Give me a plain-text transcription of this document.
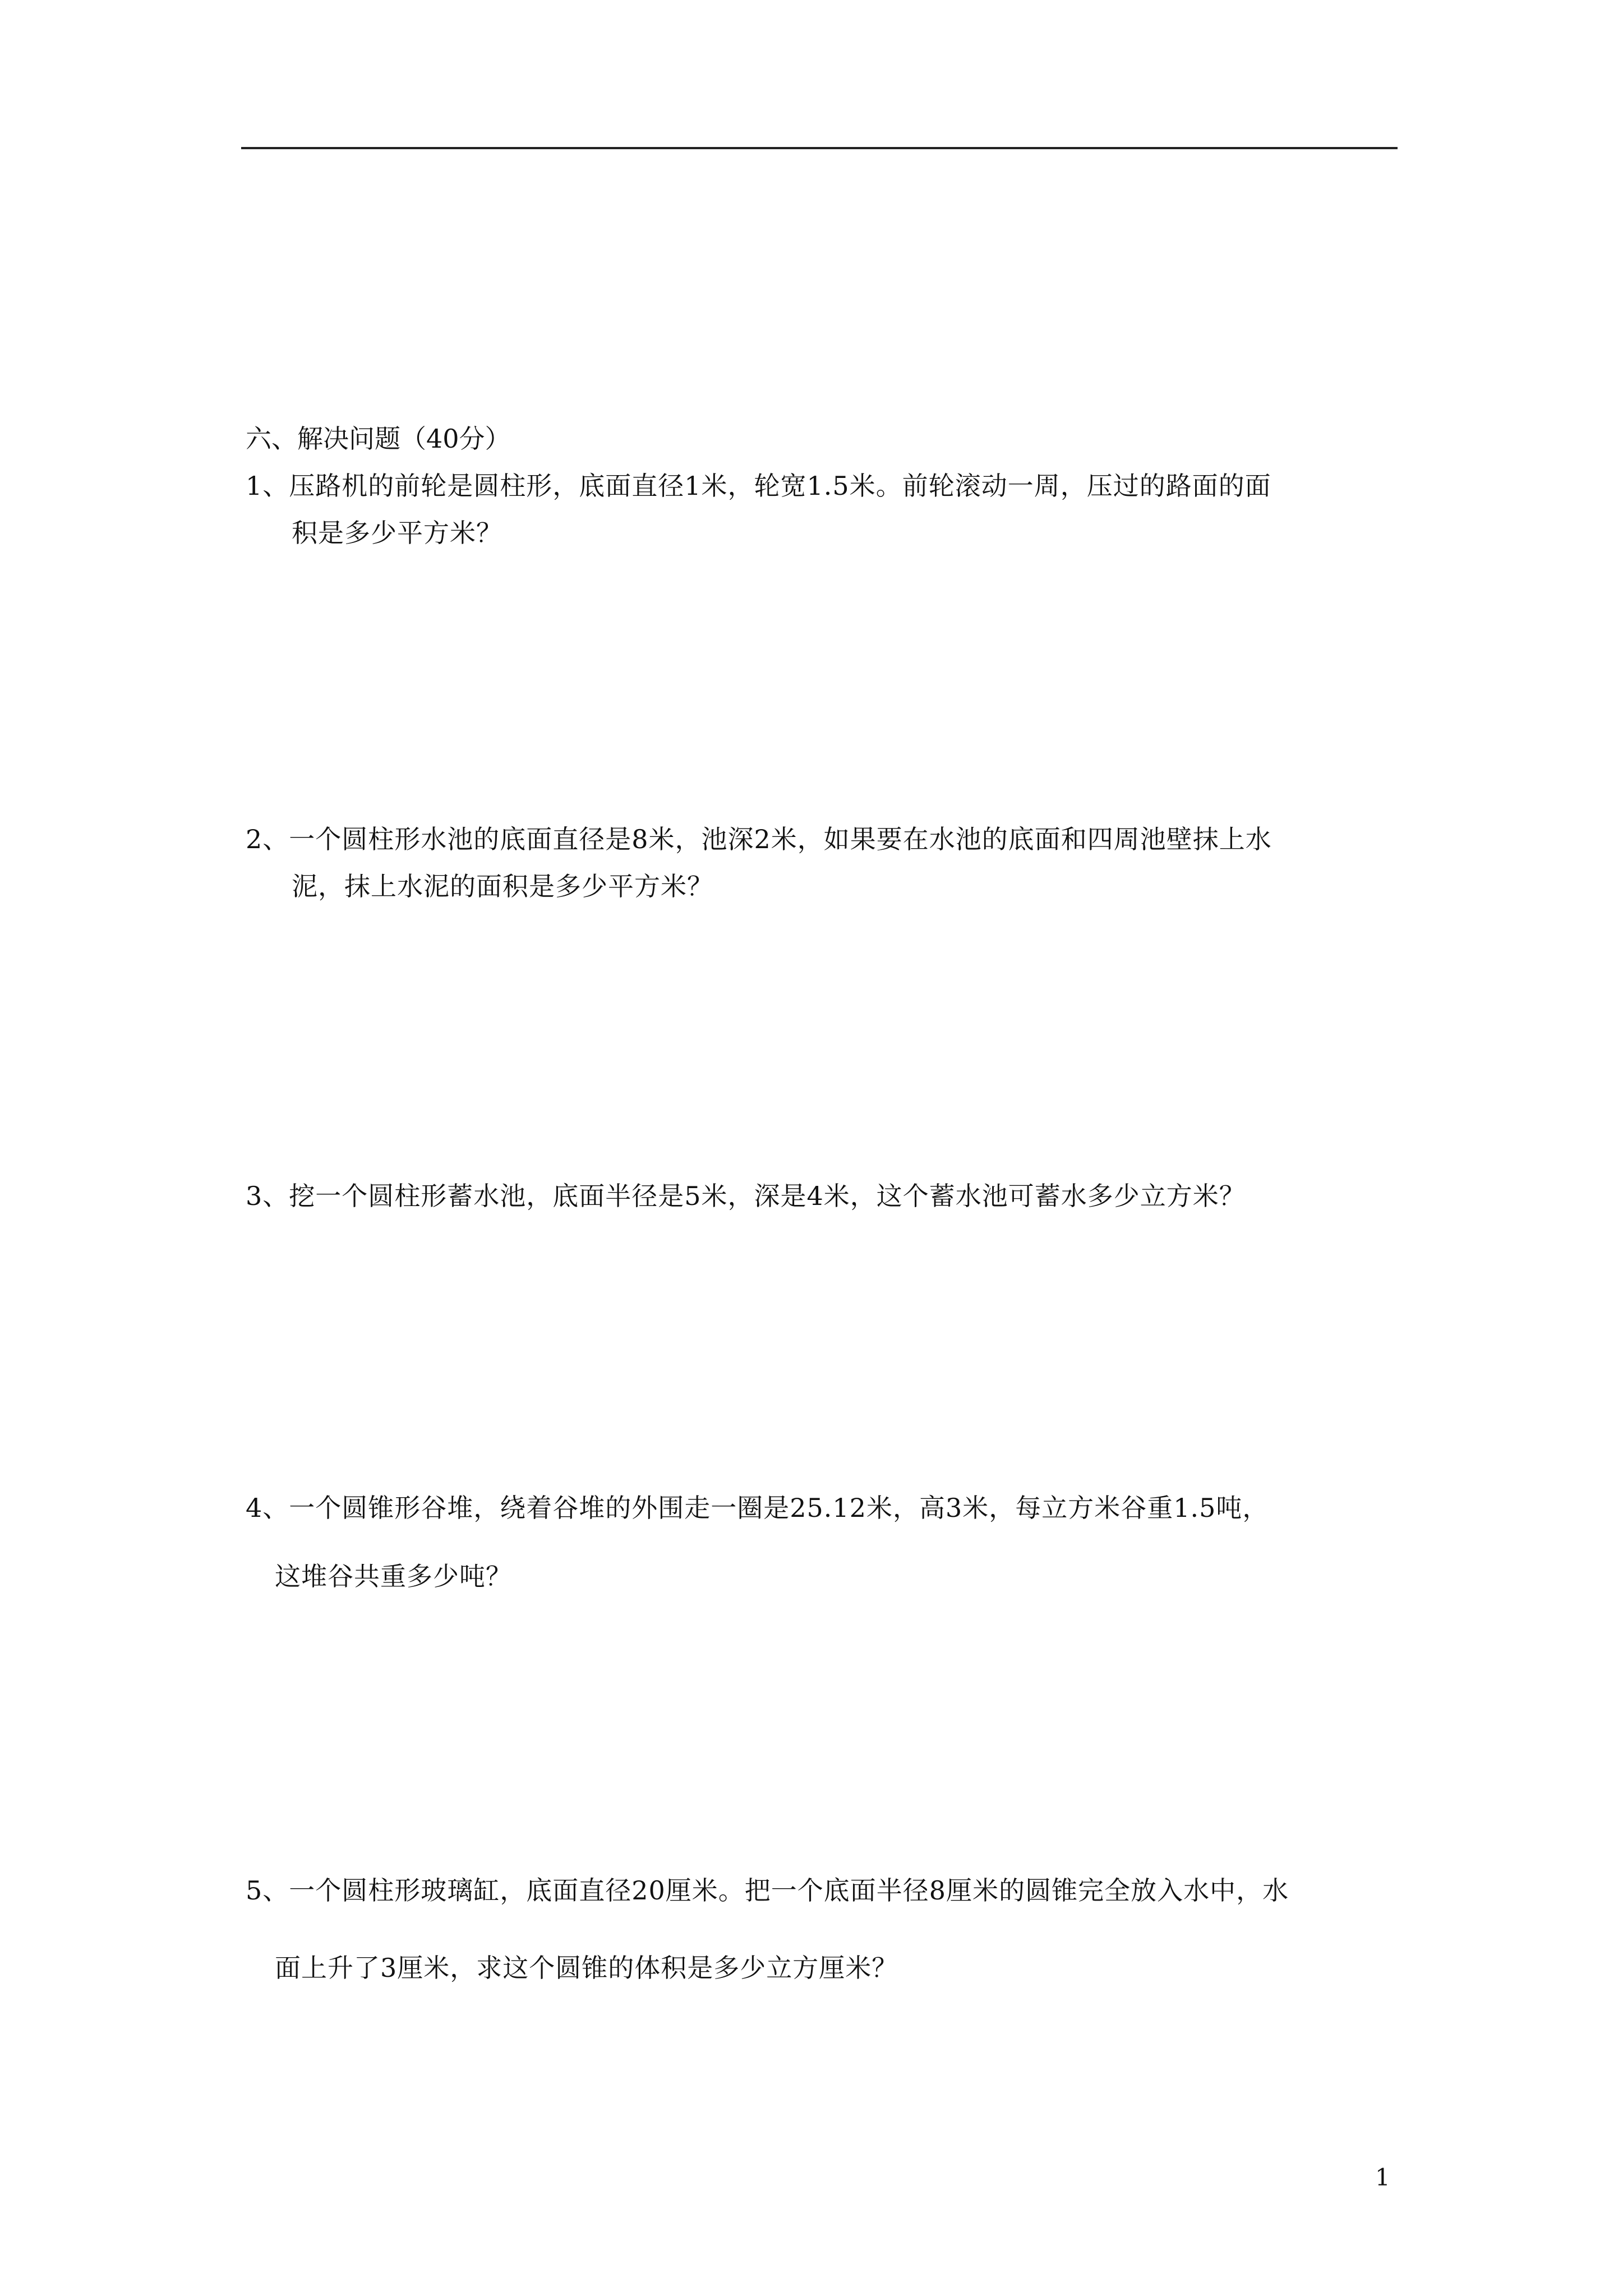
六、解决问题（40分）
1、压路机的前轮是圆柱形，底面直径1米，轮宽1.5米。前轮滚动一周，压过的路面的面
积是多少平方米？
2、一个圆柱形水池的底面直径是8米，池深2米，如果要在水池的底面和四周池壁抹上水
泥，抹上水泥的面积是多少平方米？
3、挖一个圆柱形蓄水池，底面半径是5米，深是4米，这个蓄水池可蓄水多少立方米？
4、一个圆锥形谷堆，绕着谷堆的外围走一圈是25.12米，高3米，每立方米谷重1.5吨，
这堆谷共重多少吨？
5、一个圆柱形玻璃缸，底面直径20厘米。把一个底面半径8厘米的圆锥完全放入水中，水
面上升了3厘米，求这个圆锥的体积是多少立方厘米？
1
